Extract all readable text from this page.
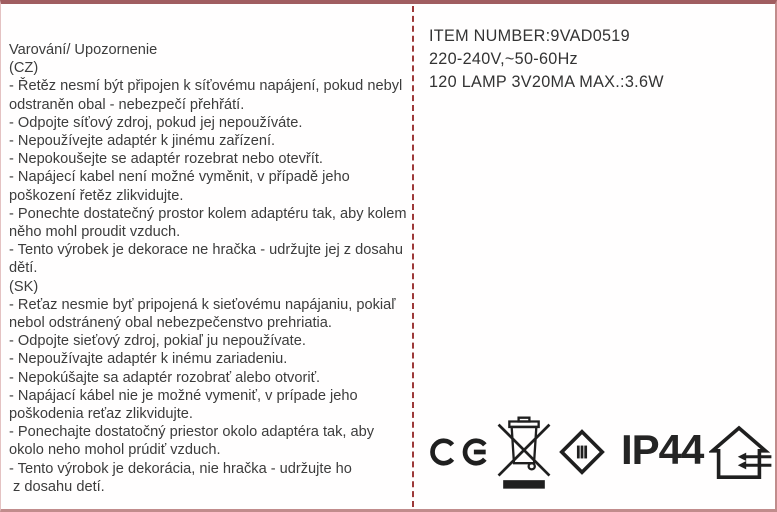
Varování/ Upozornenie
(CZ)
- Řetěz nesmí být připojen k síťovému napájení, pokud nebyl
odstraněn obal - nebezpečí přehřátí.
- Odpojte síťový zdroj, pokud jej nepoužíváte.
- Nepoužívejte adaptér k jinému zařízení.
- Nepokoušejte se adaptér rozebrat nebo otevřít.
- Napájecí kabel není možné vyměnit, v případě jeho
poškození řetěz zlikvidujte.
- Ponechte dostatečný prostor kolem adaptéru tak, aby kolem
něho mohl proudit vzduch.
- Tento výrobek je dekorace ne hračka - udržujte jej z dosahu
dětí.
(SK)
- Reťaz nesmie byť pripojená k sieťovému napájaniu, pokiaľ
nebol odstránený obal nebezpečenstvo prehriatia.
- Odpojte sieťový zdroj, pokiaľ ju nepoužívate.
- Nepoužívajte adaptér k inému zariadeniu.
- Nepokúšajte sa adaptér rozobrať alebo otvoriť.
- Napájací kábel nie je možné vymeniť, v prípade jeho
poškodenia reťaz zlikvidujte.
- Ponechajte dostatočný priestor okolo adaptéra tak, aby
okolo neho mohol prúdiť vzduch.
- Tento výrobok je dekorácia, nie hračka - udržujte ho
z dosahu detí.
ITEM NUMBER:9VAD0519
220-240V,~50-60Hz
120 LAMP 3V20MA MAX.:3.6W
IP44
